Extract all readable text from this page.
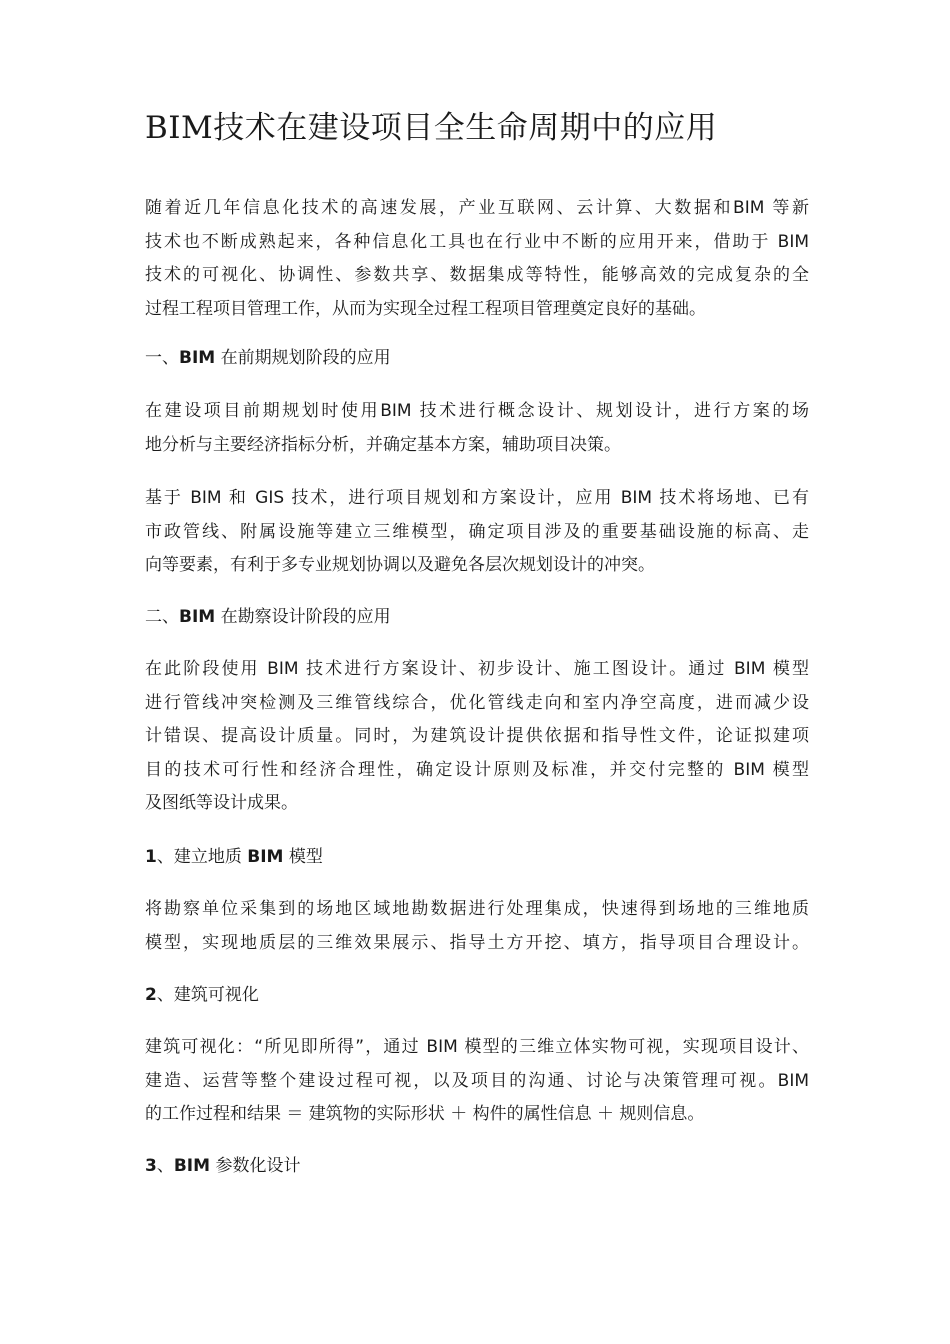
BIM技术在建设项目全生命周期中的应用
随着近几年信息化技术的高速发展，产业互联网、云计算、大数据和BIM 等新
技术也不断成熟起来，各种信息化工具也在行业中不断的应用开来，借助于 BIM
技术的可视化、协调性、参数共享、数据集成等特性，能够高效的完成复杂的全
过程工程项目管理工作，从而为实现全过程工程项目管理奠定良好的基础。
一、BIM 在前期规划阶段的应用
在建设项目前期规划时使用BIM 技术进行概念设计、规划设计，进行方案的场
地分析与主要经济指标分析，并确定基本方案，辅助项目决策。
基于 BIM 和 GIS 技术，进行项目规划和方案设计，应用 BIM 技术将场地、已有
市政管线、附属设施等建立三维模型，确定项目涉及的重要基础设施的标高、走
向等要素，有利于多专业规划协调以及避免各层次规划设计的冲突。
二、BIM 在勘察设计阶段的应用
在此阶段使用 BIM 技术进行方案设计、初步设计、施工图设计。通过 BIM 模型
进行管线冲突检测及三维管线综合，优化管线走向和室内净空高度，进而减少设
计错误、提高设计质量。同时，为建筑设计提供依据和指导性文件，论证拟建项
目的技术可行性和经济合理性，确定设计原则及标准，并交付完整的 BIM 模型
及图纸等设计成果。
1、建立地质 BIM 模型
将勘察单位采集到的场地区域地勘数据进行处理集成，快速得到场地的三维地质
模型，实现地质层的三维效果展示、指导土方开挖、填方，指导项目合理设计。
2、建筑可视化
建筑可视化：“所见即所得”，通过 BIM 模型的三维立体实物可视，实现项目设计、
建造、运营等整个建设过程可视，以及项目的沟通、讨论与决策管理可视。BIM
的工作过程和结果 ＝ 建筑物的实际形状 ＋ 构件的属性信息 ＋ 规则信息。
3、BIM 参数化设计
